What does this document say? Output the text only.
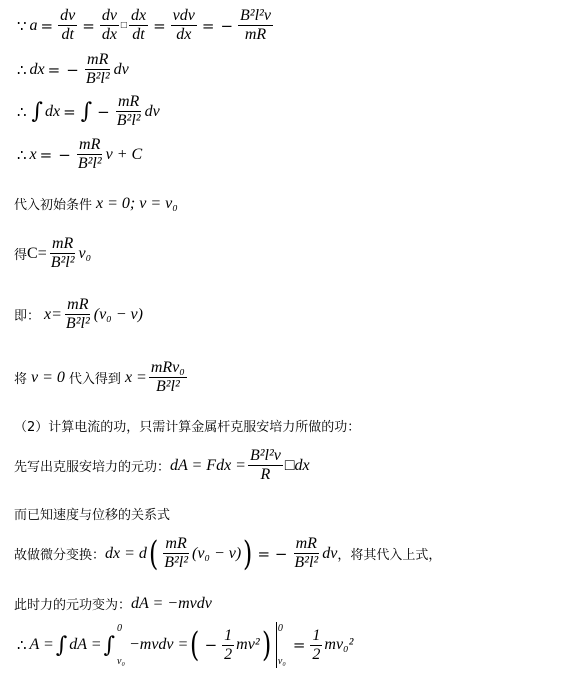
∵ $a = \frac{dv}{dt} = \frac{dv}{dx}$ □ $\frac{dx}{dt} = \frac{\text{vdv}}{dx}$ = − $\frac{\text{B²l²v}}{mR}$
∴ dx = − $\frac{mR}{\text{B²l²}}$ dv
∴ ∫ dx = ∫ − $\frac{mR}{\text{B²l²}}$ dv
∴ x = − $\frac{mR}{\text{B²l²}}$ v + C
代入初始条件 x = 0; v = v₀
得 $C= \frac{mR}{\text{B²l²}} v_0$
即： $x= \frac{mR}{\text{B²l²}} (v_0 - v)$
将 v = 0 代入得到 $x = \frac{\text{mRv₀}}{\text{B²l²}}$
（2）计算电流的功，只需计算金属杆克服安培力所做的功：
先写出克服安培力的元功： dA = Fdx = $\frac{\text{B²l²v}}{R}$ □dx
而已知速度与位移的关系式
故做微分变换： dx = d ( $\frac{mR}{\text{B²l²}} (v_0 - v)$ ) = − $\frac{mR}{\text{B²l²}}$ dv ，将其代入上式，
此时力的元功变为： dA = −mvdv
∴ A = ∫ dA = ∫
0
v₀
−mvdv = ( − $\frac{1}{2} mv^2$ ) 0
v₀
= $\frac{1}{2} mv_0^2$
